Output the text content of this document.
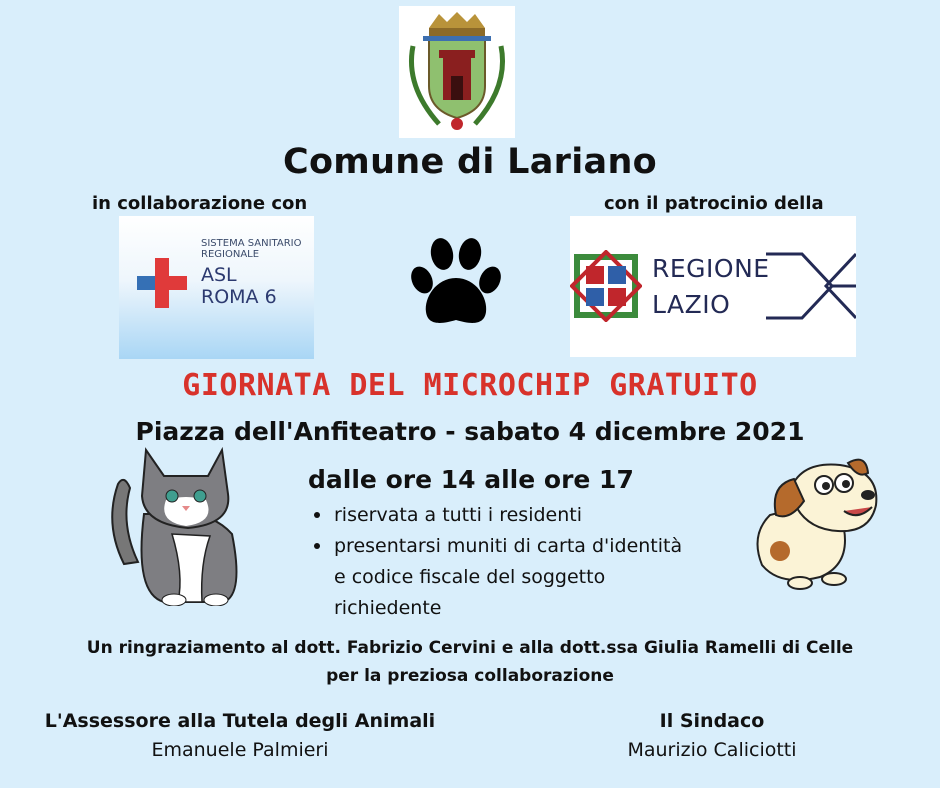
Comune di Lariano
in collaborazione con	con il patrocinio della
SISTEMA SANITARIO
REGIONALE
ASL
ROMA 6
REGIONE
LAZIO
GIORNATA DEL MICROCHIP GRATUITO
Piazza dell'Anfiteatro - sabato 4 dicembre 2021
dalle ore 14 alle ore 17
riservata a tutti i residenti
presentarsi muniti di carta d'identità
e codice fiscale del soggetto
richiedente
Un ringraziamento al dott. Fabrizio Cervini e alla dott.ssa Giulia Ramelli di Celle
per la preziosa collaborazione
L'Assessore alla Tutela degli Animali
Emanuele Palmieri
Il Sindaco
Maurizio Caliciotti
